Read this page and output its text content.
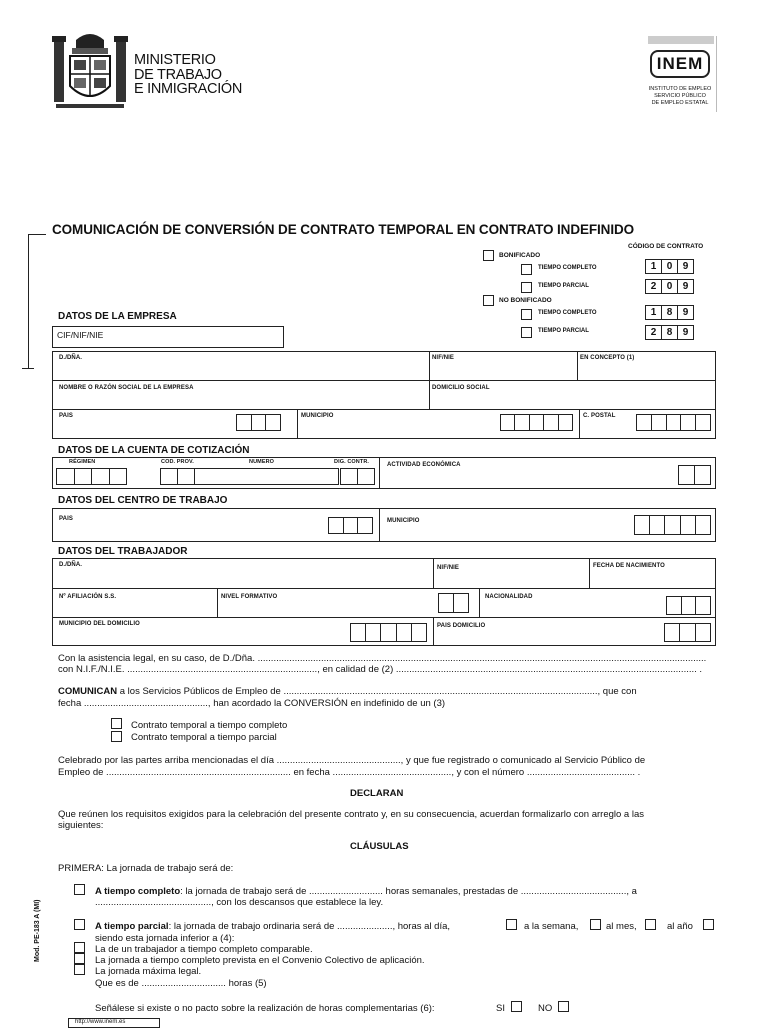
MINISTERIO
DE TRABAJO
E INMIGRACIÓN
INEM
INSTITUTO DE EMPLEO
SERVICIO PÚBLICO
DE EMPLEO ESTATAL
COMUNICACIÓN DE CONVERSIÓN DE CONTRATO TEMPORAL EN CONTRATO INDEFINIDO
CÓDIGO DE CONTRATO
BONIFICADO
TIEMPO COMPLETO	1	0	9
TIEMPO PARCIAL	2	0	9
NO BONIFICADO
TIEMPO COMPLETO	1	8	9
TIEMPO PARCIAL	2	8	9
DATOS DE LA EMPRESA
CIF/NIF/NIE
D./DÑA.	NIF/NIE	EN CONCEPTO (1)
NOMBRE O RAZÓN SOCIAL DE LA EMPRESA	DOMICILIO SOCIAL
PAIS	MUNICIPIO	C. POSTAL
DATOS DE LA CUENTA DE COTIZACIÓN
RÉGIMEN	COD. PROV.	NUMERO	DIG. CONTR.	ACTIVIDAD ECONÓMICA
DATOS DEL CENTRO DE TRABAJO
PAIS	MUNICIPIO
DATOS DEL TRABAJADOR
D./DÑA.	NIF/NIE	FECHA DE NACIMIENTO
Nº AFILIACIÓN S.S.	NIVEL FORMATIVO	NACIONALIDAD
MUNICIPIO DEL DOMICILIO	PAIS DOMICILIO
Con la asistencia legal, en su caso, de D./Dña. ..........................................................................................................................................................................
con N.I.F./N.I.E. ........................................................................, en calidad de (2) .................................................................................................................. .
COMUNICAN a los Servicios Públicos de Empleo de ......................................................................................................................., que con
fecha ..............................................., han acordado la CONVERSIÓN en indefinido de un (3)
Contrato temporal a tiempo completo
Contrato temporal a tiempo parcial
Celebrado por las partes arriba mencionadas el día ..............................................., y que fue registrado o comunicado al Servicio Público de
Empleo de ...................................................................... en fecha ............................................., y con el número ......................................... .
DECLARAN
Que reúnen los requisitos exigidos para la celebración del presente contrato y, en su consecuencia, acuerdan formalizarlo con arreglo a las
siguientes:
CLÁUSULAS
PRIMERA: La jornada de trabajo será de:
A tiempo completo: la jornada de trabajo será de ............................ horas semanales, prestadas de ........................................, a
............................................, con los descansos que establece la ley.
A tiempo parcial: la jornada de trabajo ordinaria será de ....................., horas al día,	a la semana,	al mes,	al año
siendo esta jornada inferior a (4):
La de un trabajador a tiempo completo comparable.
La jornada a tiempo completo prevista en el Convenio Colectivo de aplicación.
La jornada máxima legal.
Que es de ................................ horas (5)
Señálese si existe o no pacto sobre la realización de horas complementarias (6):	SI	NO
Mod. PE-183 A (MI)
http://www.inem.es
